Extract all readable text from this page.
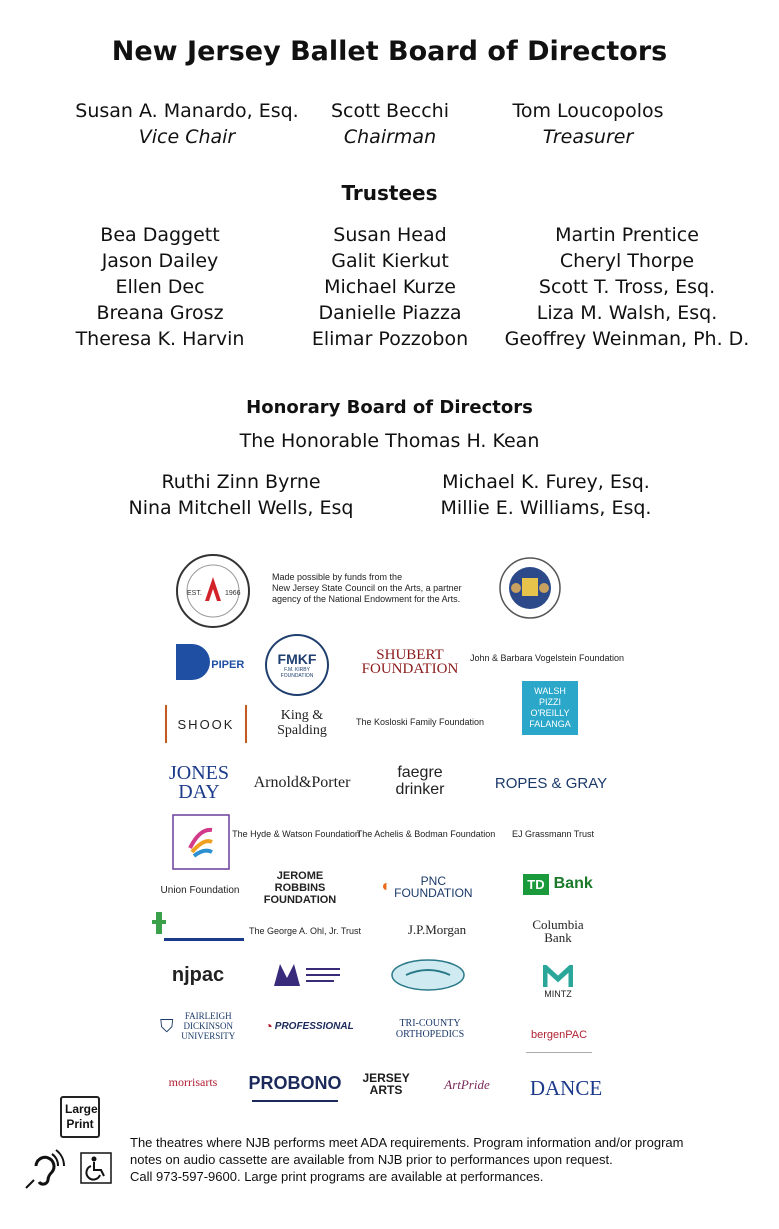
New Jersey Ballet Board of Directors
Susan A. Manardo, Esq.
Vice Chair
Scott Becchi
Chairman
Tom Loucopolos
Treasurer
Trustees
Bea Daggett
Jason Dailey
Ellen Dec
Breana Grosz
Theresa K. Harvin
Susan Head
Galit Kierkut
Michael Kurze
Danielle Piazza
Elimar Pozzobon
Martin Prentice
Cheryl Thorpe
Scott T. Tross, Esq.
Liza M. Walsh, Esq.
Geoffrey Weinman, Ph. D.
Honorary Board of Directors
The Honorable Thomas H. Kean
Ruthi Zinn Byrne
Nina Mitchell Wells, Esq
Michael K. Furey, Esq.
Millie E. Williams, Esq.
EST.	1966
Made possible by funds from the
New Jersey State Council on the Arts, a partner
agency of the National Endowment for the Arts.
DLA PIPER FMKF
F.M. KIRBY FOUNDATION
SHUBERT FOUNDATION
John & Barbara Vogelstein Foundation
SHOOK
King & Spalding
The Kosloski Family Foundation
WALSH PIZZI O'REILLY FALANGA
JONES DAY	Arnold&Porter
faegre drinker	ROPES & GRAY
The Hyde & Watson Foundation
The Achelis & Bodman Foundation EJ Grassmann Trust
Union Foundation
JEROME ROBBINS FOUNDATION
◐	PNC FOUNDATION
TD Bank
The George A. Ohl, Jr. Trust	J.P.Morgan	Columbia Bank
njpac
MINTZ
⛉	FAIRLEIGH DICKINSON UNIVERSITY
◔ PROFESSIONAL	TRI-COUNTY ORTHOPEDICS	bergenPAC
morrisarts PROBONO JERSEY ARTS	ArtPride DANCE
Large Print
The theatres where NJB performs meet ADA requirements. Program information and/or program
notes on audio cassette are available from NJB prior to performances upon request.
Call 973-597-9600. Large print programs are available at performances.
